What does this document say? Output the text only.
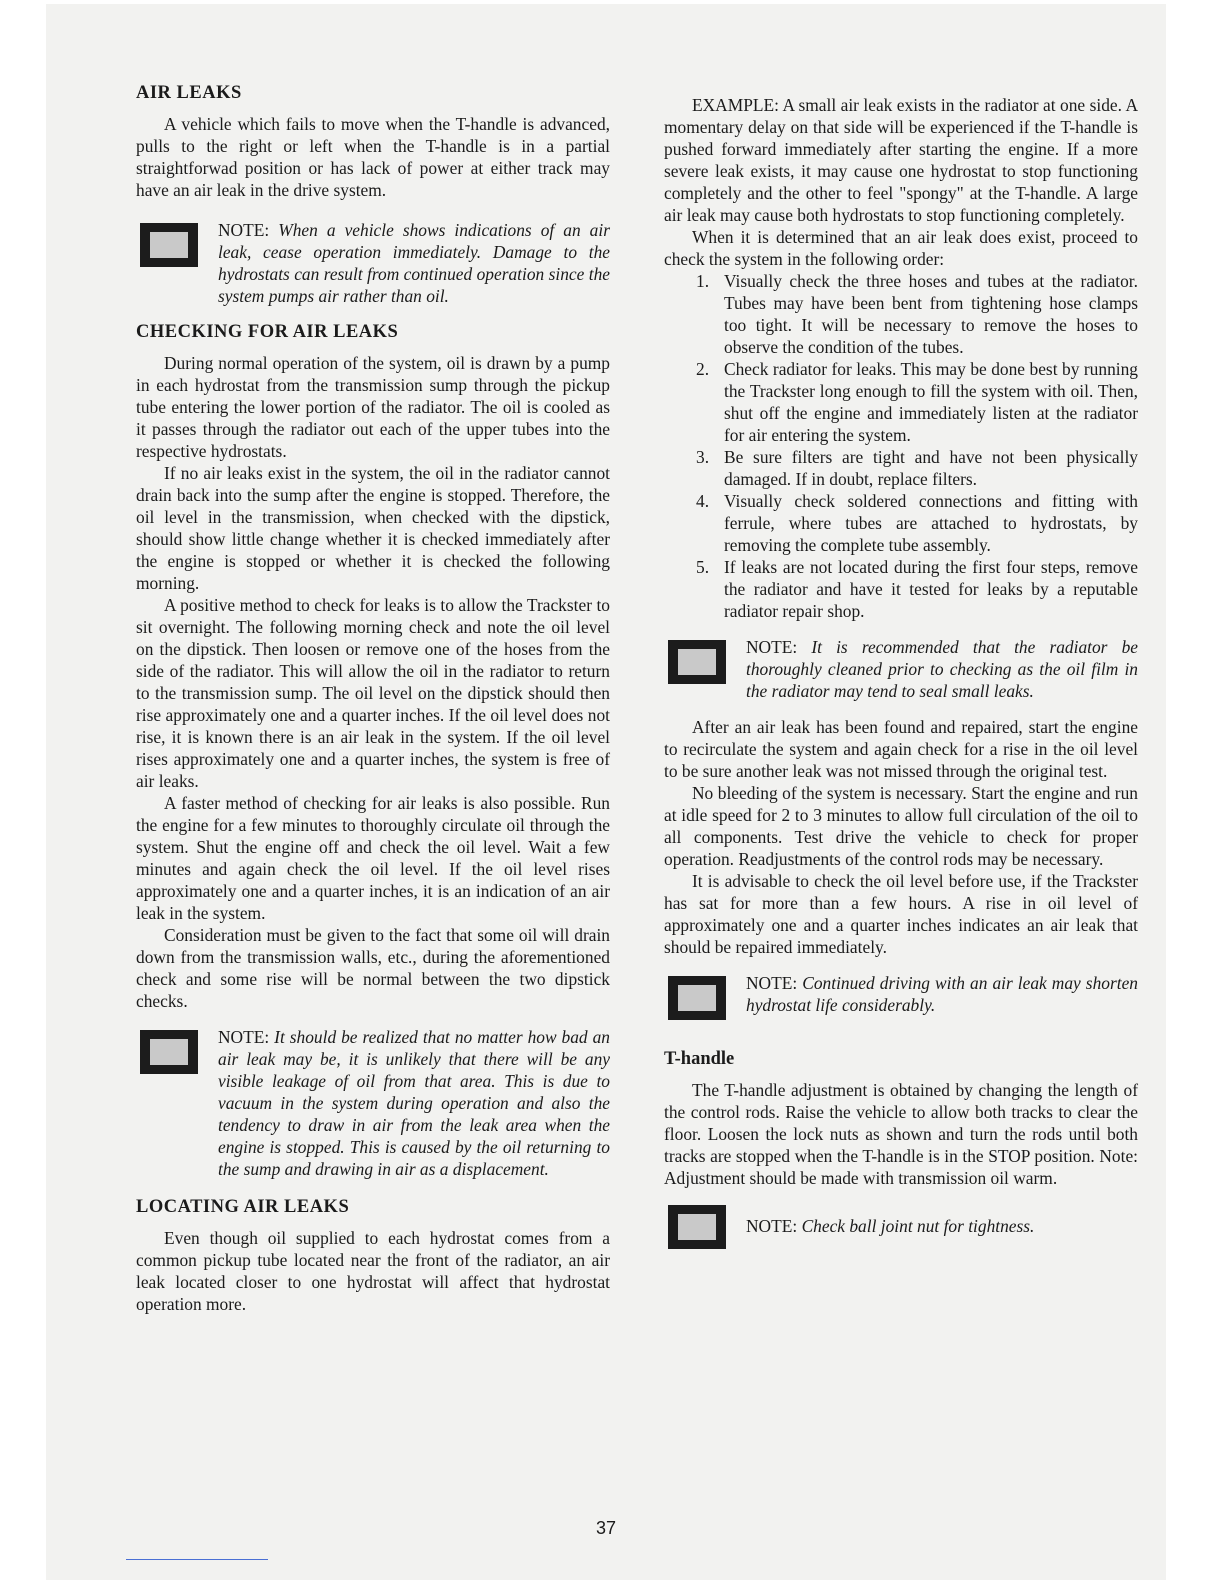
AIR LEAKS

A vehicle which fails to move when the T-handle is advanced, pulls to the right or left when the T-handle is in a partial straightforwad position or has lack of power at either track may have an air leak in the drive system.

NOTE: When a vehicle shows indications of an air leak, cease operation immediately. Damage to the hydrostats can result from continued operation since the system pumps air rather than oil.
CHECKING FOR AIR LEAKS

During normal operation of the system, oil is drawn by a pump in each hydrostat from the transmission sump through the pickup tube entering the lower portion of the radiator. The oil is cooled as it passes through the radiator out each of the upper tubes into the respective hydrostats.

If no air leaks exist in the system, the oil in the radiator cannot drain back into the sump after the engine is stopped. Therefore, the oil level in the transmission, when checked with the dipstick, should show little change whether it is checked immediately after the engine is stopped or whether it is checked the following morning.

A positive method to check for leaks is to allow the Trackster to sit overnight. The following morning check and note the oil level on the dipstick. Then loosen or remove one of the hoses from the side of the radiator. This will allow the oil in the radiator to return to the transmission sump. The oil level on the dipstick should then rise approximately one and a quarter inches. If the oil level does not rise, it is known there is an air leak in the system. If the oil level rises approximately one and a quarter inches, the system is free of air leaks.

A faster method of checking for air leaks is also possible. Run the engine for a few minutes to thoroughly circulate oil through the system. Shut the engine off and check the oil level. Wait a few minutes and again check the oil level. If the oil level rises approximately one and a quarter inches, it is an indication of an air leak in the system.

Consideration must be given to the fact that some oil will drain down from the transmission walls, etc., during the aforementioned check and some rise will be normal between the two dipstick checks.

NOTE: It should be realized that no matter how bad an air leak may be, it is unlikely that there will be any visible leakage of oil from that area. This is due to vacuum in the system during operation and also the tendency to draw in air from the leak area when the engine is stopped. This is caused by the oil returning to the sump and drawing in air as a displacement.
LOCATING AIR LEAKS

Even though oil supplied to each hydrostat comes from a common pickup tube located near the front of the radiator, an air leak located closer to one hydrostat will affect that hydrostat operation more.

EXAMPLE: A small air leak exists in the radiator at one side. A momentary delay on that side will be experienced if the T-handle is pushed forward immediately after starting the engine. If a more severe leak exists, it may cause one hydrostat to stop functioning completely and the other to feel "spongy" at the T-handle. A large air leak may cause both hydrostats to stop functioning completely.

When it is determined that an air leak does exist, proceed to check the system in the following order:

1. Visually check the three hoses and tubes at the radiator. Tubes may have been bent from tightening hose clamps too tight. It will be necessary to remove the hoses to observe the condition of the tubes.
2. Check radiator for leaks. This may be done best by running the Trackster long enough to fill the system with oil. Then, shut off the engine and immediately listen at the radiator for air entering the system.
3. Be sure filters are tight and have not been physically damaged. If in doubt, replace filters.
4. Visually check soldered connections and fitting with ferrule, where tubes are attached to hydrostats, by removing the complete tube assembly.
5. If leaks are not located during the first four steps, remove the radiator and have it tested for leaks by a reputable radiator repair shop.
NOTE: It is recommended that the radiator be thoroughly cleaned prior to checking as the oil film in the radiator may tend to seal small leaks.

After an air leak has been found and repaired, start the engine to recirculate the system and again check for a rise in the oil level to be sure another leak was not missed through the original test.

No bleeding of the system is necessary. Start the engine and run at idle speed for 2 to 3 minutes to allow full circulation of the oil to all components. Test drive the vehicle to check for proper operation. Readjustments of the control rods may be necessary.

It is advisable to check the oil level before use, if the Trackster has sat for more than a few hours. A rise in oil level of approximately one and a quarter inches indicates an air leak that should be repaired immediately.

NOTE: Continued driving with an air leak may shorten hydrostat life considerably.
T-handle

The T-handle adjustment is obtained by changing the length of the control rods. Raise the vehicle to allow both tracks to clear the floor. Loosen the lock nuts as shown and turn the rods until both tracks are stopped when the T-handle is in the STOP position. Note: Adjustment should be made with transmission oil warm.

NOTE: Check ball joint nut for tightness.
37
